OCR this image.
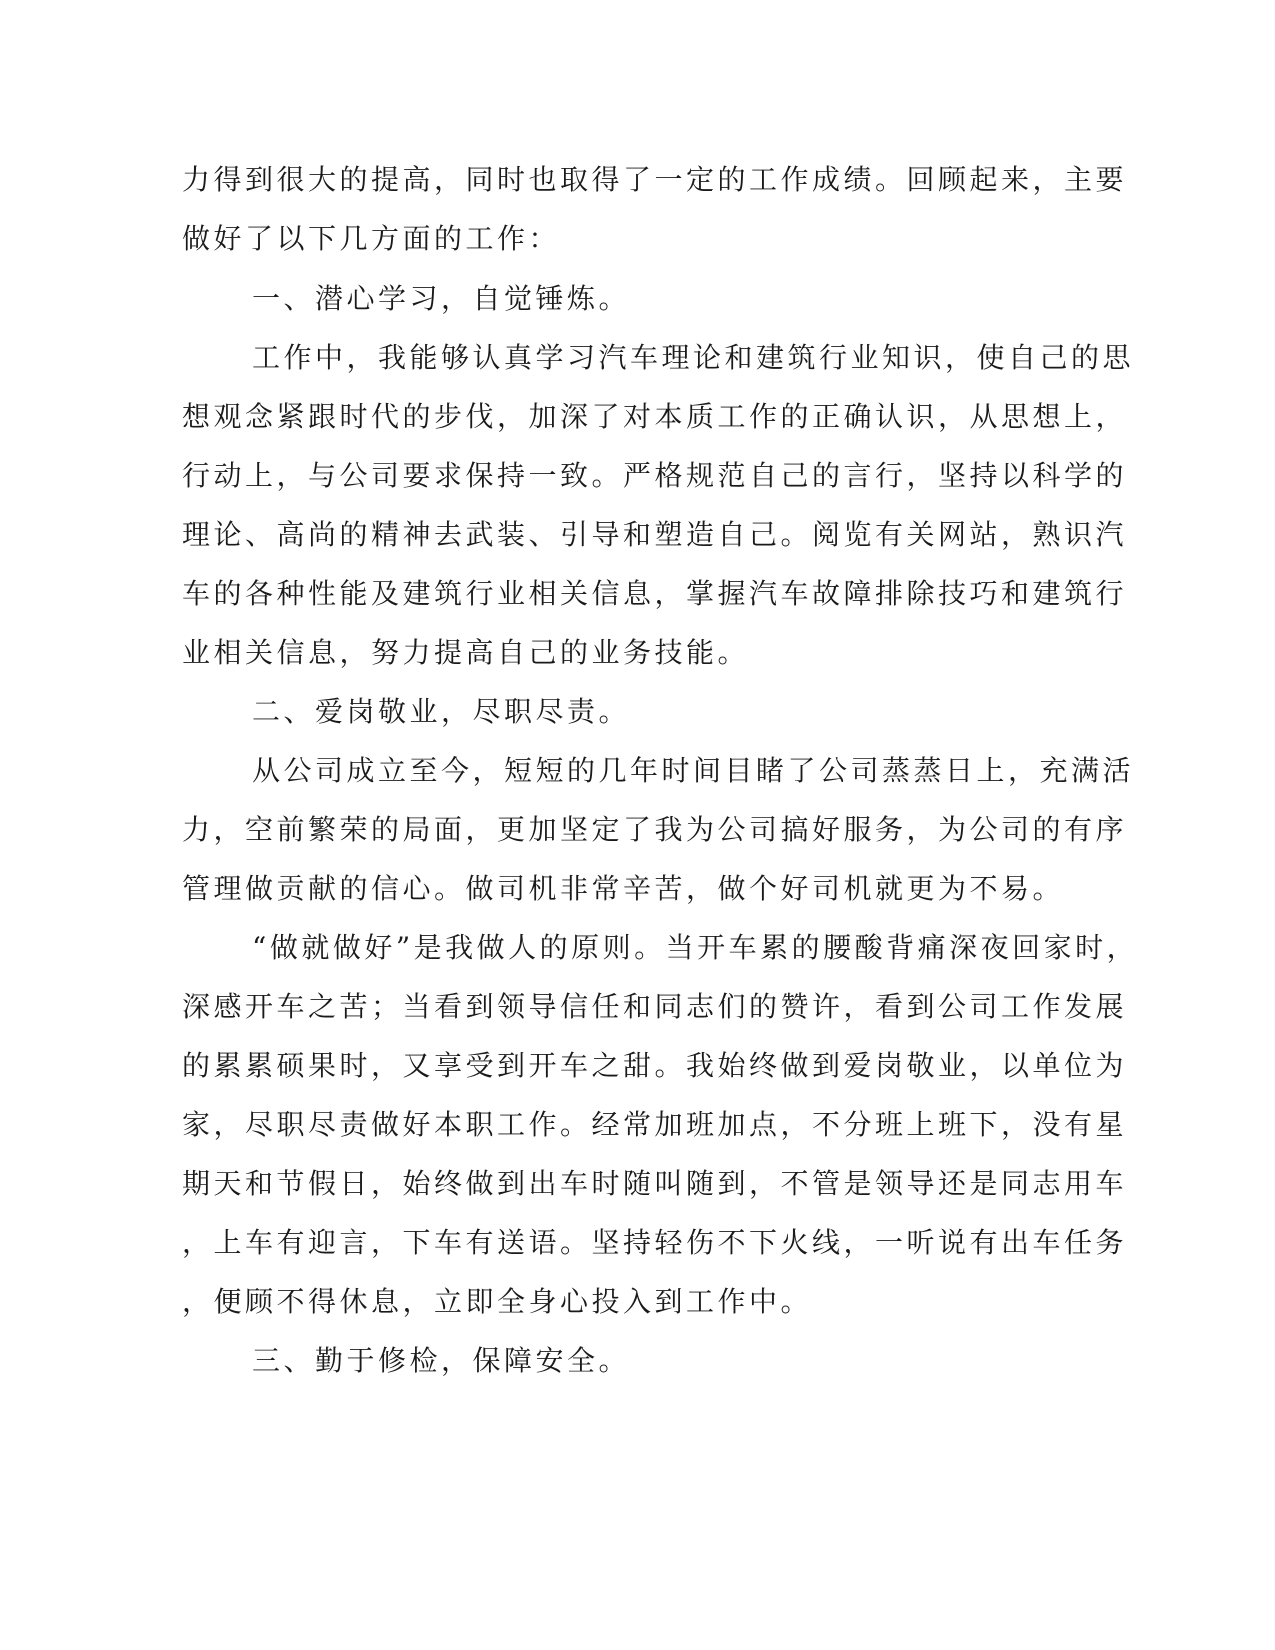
力得到很大的提高，同时也取得了一定的工作成绩。回顾起来，主要
做好了以下几方面的工作：
一、潜心学习，自觉锤炼。
工作中，我能够认真学习汽车理论和建筑行业知识，使自己的思
想观念紧跟时代的步伐，加深了对本质工作的正确认识，从思想上，
行动上，与公司要求保持一致。严格规范自己的言行，坚持以科学的
理论、高尚的精神去武装、引导和塑造自己。阅览有关网站，熟识汽
车的各种性能及建筑行业相关信息，掌握汽车故障排除技巧和建筑行
业相关信息，努力提高自己的业务技能。
二、爱岗敬业，尽职尽责。
从公司成立至今，短短的几年时间目睹了公司蒸蒸日上，充满活
力，空前繁荣的局面，更加坚定了我为公司搞好服务，为公司的有序
管理做贡献的信心。做司机非常辛苦，做个好司机就更为不易。
“做就做好”是我做人的原则。当开车累的腰酸背痛深夜回家时，
深感开车之苦；当看到领导信任和同志们的赞许，看到公司工作发展
的累累硕果时，又享受到开车之甜。我始终做到爱岗敬业，以单位为
家，尽职尽责做好本职工作。经常加班加点，不分班上班下，没有星
期天和节假日，始终做到出车时随叫随到，不管是领导还是同志用车
，上车有迎言，下车有送语。坚持轻伤不下火线，一听说有出车任务
，便顾不得休息，立即全身心投入到工作中。
三、勤于修检，保障安全。
